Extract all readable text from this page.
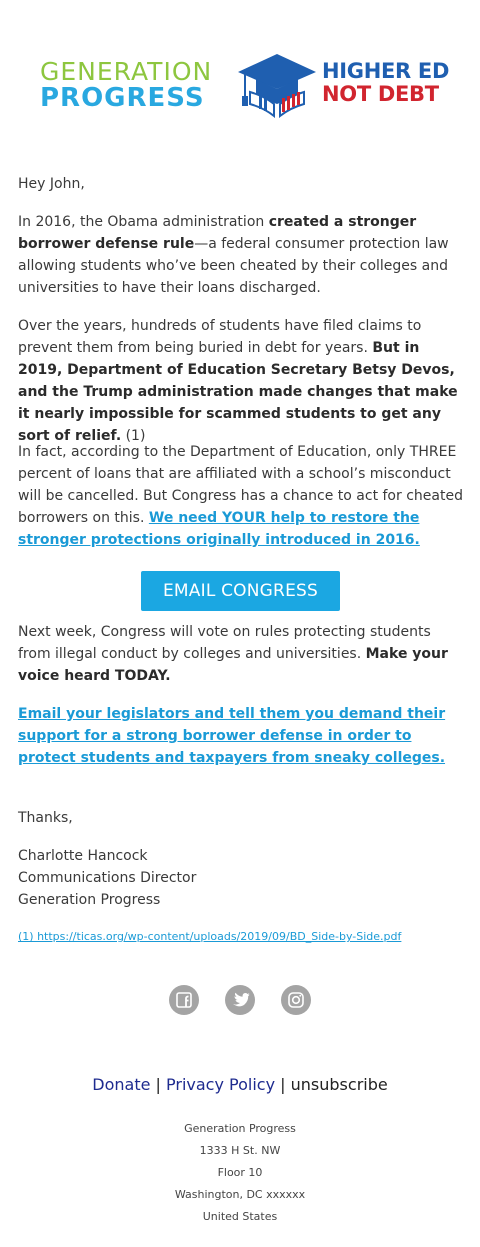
GENERATION
PROGRESS
HIGHER ED
NOT DEBT

Hey John,

In 2016, the Obama administration created a stronger borrower defense rule—a federal consumer protection law allowing students who’ve been cheated by their colleges and universities to have their loans discharged.

Over the years, hundreds of students have filed claims to prevent them from being buried in debt for years. But in 2019, Department of Education Secretary Betsy Devos, and the Trump administration made changes that make it nearly impossible for scammed students to get any sort of relief. (1)

In fact, according to the Department of Education, only THREE percent of loans that are affiliated with a school’s misconduct will be cancelled. But Congress has a chance to act for cheated borrowers on this. We need YOUR help to restore the stronger protections originally introduced in 2016.

EMAIL CONGRESS

Next week, Congress will vote on rules protecting students from illegal conduct by colleges and universities. Make your voice heard TODAY.

Email your legislators and tell them you demand their support for a strong borrower defense in order to protect students and taxpayers from sneaky colleges.

Thanks,

Charlotte Hancock

Communications Director

Generation Progress

(1) https://ticas.org/wp-content/uploads/2019/09/BD_Side-by-Side.pdf
Donate | Privacy Policy | unsubscribe
Generation Progress
1333 H St. NW
Floor 10
Washington, DC xxxxxx
United States
